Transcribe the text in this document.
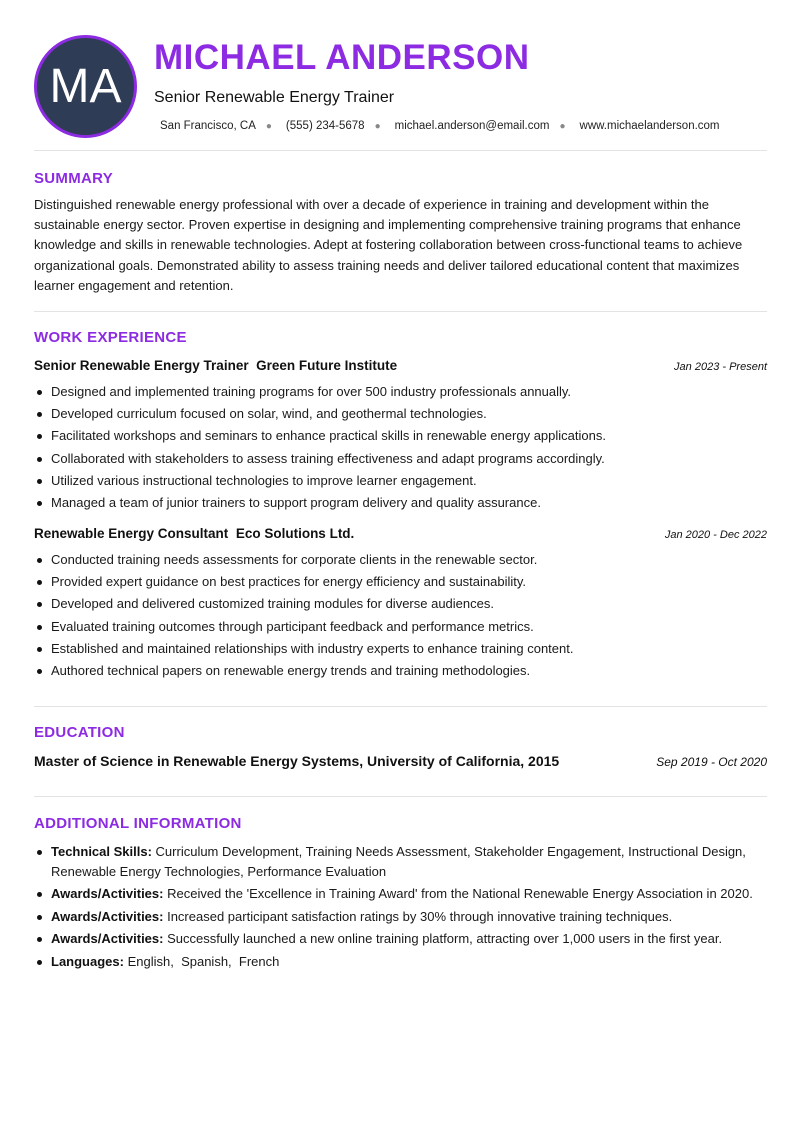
MA
MICHAEL ANDERSON
Senior Renewable Energy Trainer
San Francisco, CA ● (555) 234-5678 ● michael.anderson@email.com ● www.michaelanderson.com
SUMMARY
Distinguished renewable energy professional with over a decade of experience in training and development within the sustainable energy sector. Proven expertise in designing and implementing comprehensive training programs that enhance knowledge and skills in renewable technologies. Adept at fostering collaboration between cross-functional teams to achieve organizational goals. Demonstrated ability to assess training needs and deliver tailored educational content that maximizes learner engagement and retention.
WORK EXPERIENCE
Senior Renewable Energy Trainer Green Future Institute	Jan 2023 - Present
Designed and implemented training programs for over 500 industry professionals annually.
Developed curriculum focused on solar, wind, and geothermal technologies.
Facilitated workshops and seminars to enhance practical skills in renewable energy applications.
Collaborated with stakeholders to assess training effectiveness and adapt programs accordingly.
Utilized various instructional technologies to improve learner engagement.
Managed a team of junior trainers to support program delivery and quality assurance.
Renewable Energy Consultant Eco Solutions Ltd.	Jan 2020 - Dec 2022
Conducted training needs assessments for corporate clients in the renewable sector.
Provided expert guidance on best practices for energy efficiency and sustainability.
Developed and delivered customized training modules for diverse audiences.
Evaluated training outcomes through participant feedback and performance metrics.
Established and maintained relationships with industry experts to enhance training content.
Authored technical papers on renewable energy trends and training methodologies.
EDUCATION
Master of Science in Renewable Energy Systems, University of California, 2015	Sep 2019 - Oct 2020
ADDITIONAL INFORMATION
Technical Skills: Curriculum Development, Training Needs Assessment, Stakeholder Engagement, Instructional Design, Renewable Energy Technologies, Performance Evaluation
Awards/Activities: Received the 'Excellence in Training Award' from the National Renewable Energy Association in 2020.
Awards/Activities: Increased participant satisfaction ratings by 30% through innovative training techniques.
Awards/Activities: Successfully launched a new online training platform, attracting over 1,000 users in the first year.
Languages: English,  Spanish,  French
